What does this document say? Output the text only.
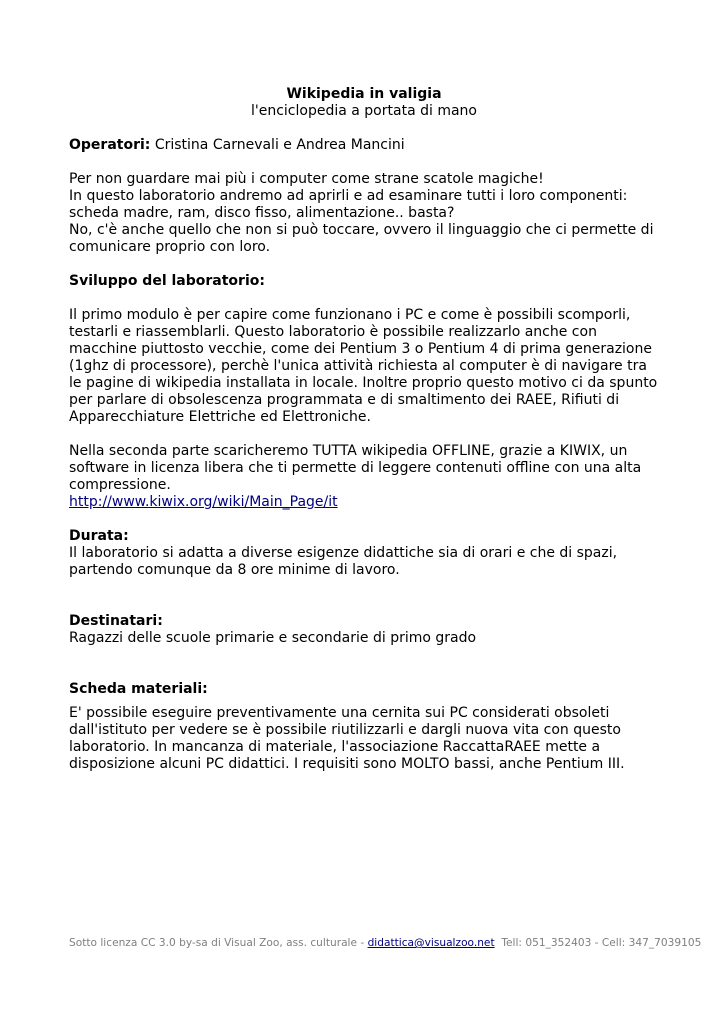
Wikipedia in valigia
l'enciclopedia a portata di mano

Operatori: Cristina Carnevali e Andrea Mancini

Per non guardare mai più i computer come strane scatole magiche!

In questo laboratorio andremo ad aprirli e ad esaminare tutti i loro componenti: scheda madre, ram, disco fisso, alimentazione.. basta?

No, c'è anche quello che non si può toccare, ovvero il linguaggio che ci permette di comunicare proprio con loro.

Sviluppo del laboratorio:

Il primo modulo è per capire come funzionano i PC e come è possibili scomporli, testarli e riassemblarli. Questo laboratorio è possibile realizzarlo anche con macchine piuttosto vecchie, come dei Pentium 3 o Pentium 4 di prima generazione (1ghz di processore), perchè l'unica attività richiesta al computer è di navigare tra le pagine di wikipedia installata in locale. Inoltre proprio questo motivo ci da spunto per parlare di obsolescenza programmata e di smaltimento dei RAEE, Rifiuti di Apparecchiature Elettriche ed Elettroniche.

Nella seconda parte scaricheremo TUTTA wikipedia OFFLINE, grazie a KIWIX, un software in licenza libera che ti permette di leggere contenuti offline con una alta compressione.

http://www.kiwix.org/wiki/Main_Page/it

Durata:

Il laboratorio si adatta a diverse esigenze didattiche sia di orari e che di spazi, partendo comunque da 8 ore minime di lavoro.

Destinatari:

Ragazzi delle scuole primarie e secondarie di primo grado

Scheda materiali:

E' possibile eseguire preventivamente una cernita sui PC considerati obsoleti dall'istituto per vedere se è possibile riutilizzarli e dargli nuova vita con questo laboratorio. In mancanza di materiale, l'associazione RaccattaRAEE mette a disposizione alcuni PC didattici. I requisiti sono MOLTO bassi, anche Pentium III.

Sotto licenza CC 3.0 by-sa di Visual Zoo, ass. culturale - didattica@visualzoo.net  Tell: 051_352403 - Cell: 347_7039105
